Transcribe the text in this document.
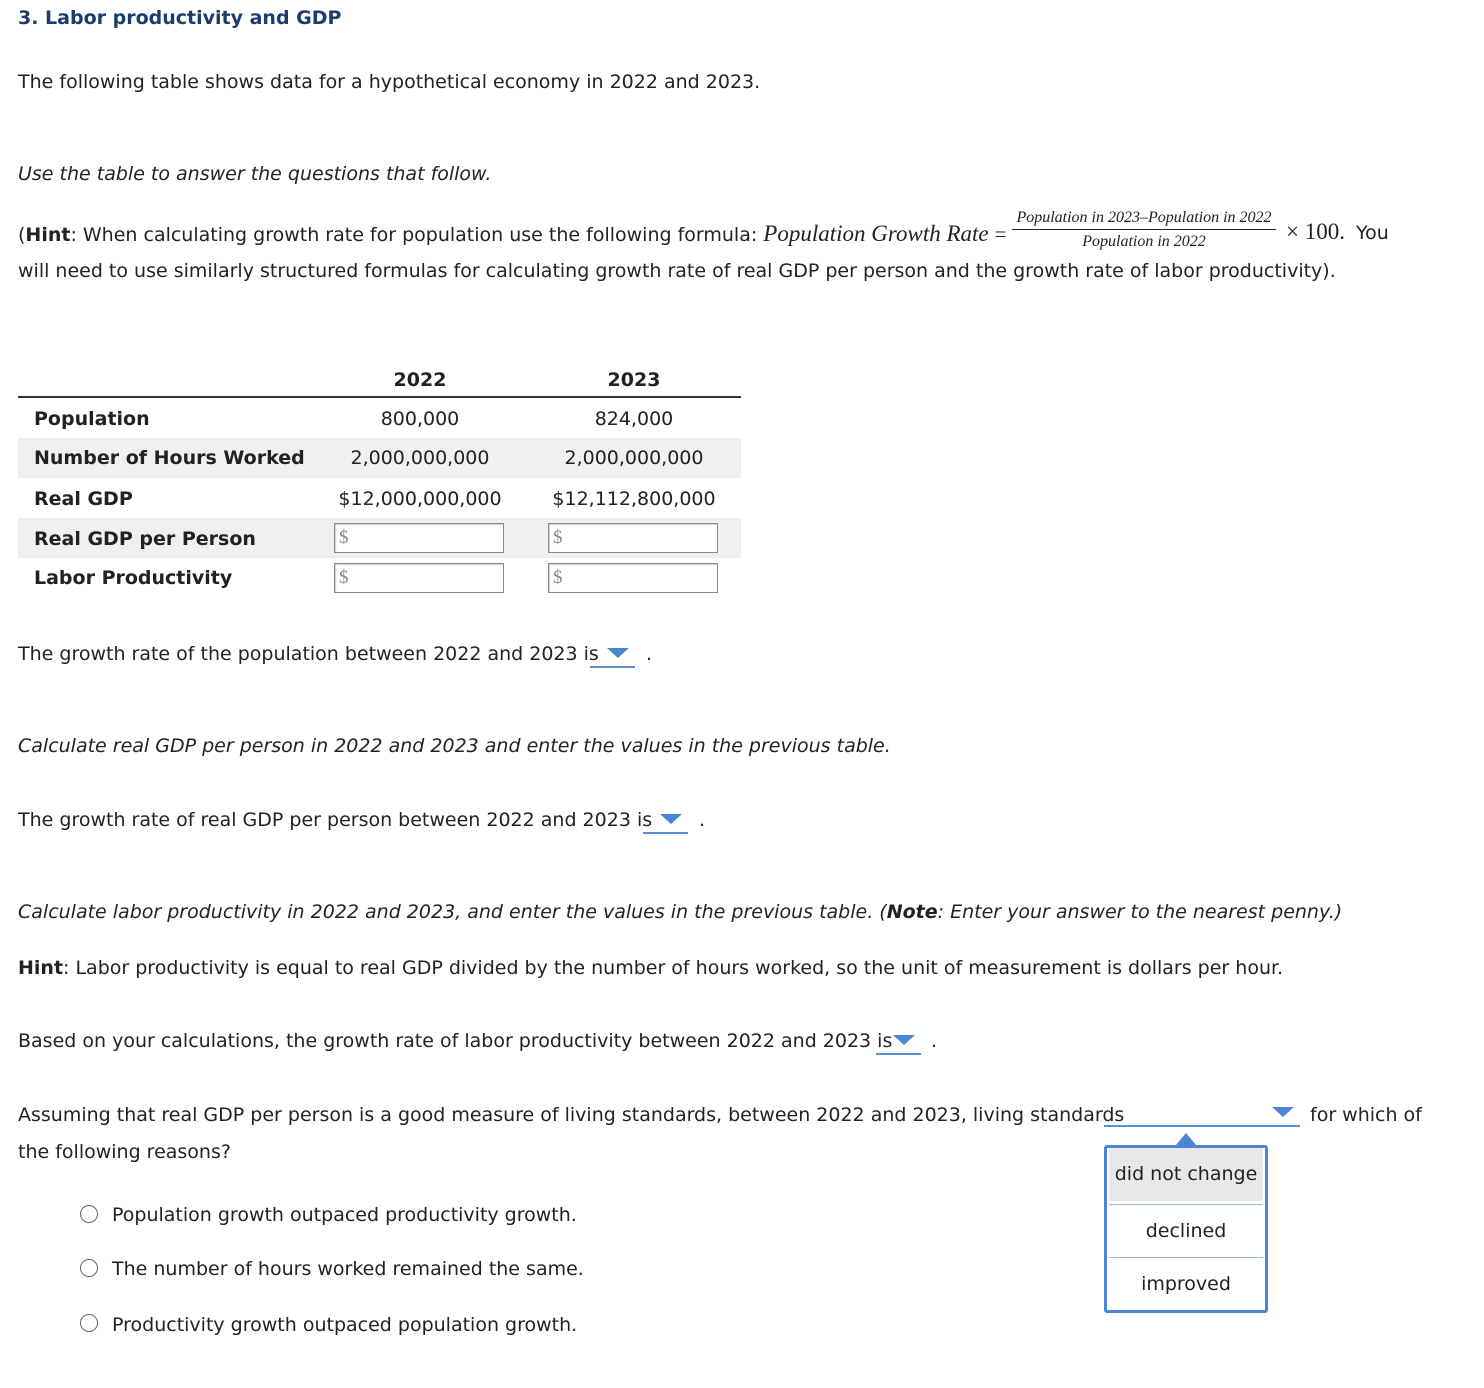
3. Labor productivity and GDP
The following table shows data for a hypothetical economy in 2022 and 2023.
Use the table to answer the questions that follow.
(Hint: When calculating growth rate for population use the following formula: Population Growth Rate =
Population in 2023–Population in 2022
Population in 2022	× 100. You
will need to use similarly structured formulas for calculating growth rate of real GDP per person and the growth rate of labor productivity).
2022	2023
Population	800,000	824,000
Number of Hours Worked	2,000,000,000	2,000,000,000
Real GDP	$12,000,000,000	$12,112,800,000
Real GDP per Person	$	$
Labor Productivity	$	$
The growth rate of the population between 2022 and 2023 is .
Calculate real GDP per person in 2022 and 2023 and enter the values in the previous table.
The growth rate of real GDP per person between 2022 and 2023 is .
Calculate labor productivity in 2022 and 2023, and enter the values in the previous table. (Note: Enter your answer to the nearest penny.)
Hint: Labor productivity is equal to real GDP divided by the number of hours worked, so the unit of measurement is dollars per hour.
Based on your calculations, the growth rate of labor productivity between 2022 and 2023 is .
Assuming that real GDP per person is a good measure of living standards, between 2022 and 2023, living standards	for which of
the following reasons?
Population growth outpaced productivity growth.
The number of hours worked remained the same.
Productivity growth outpaced population growth.
did not change
declined
improved
